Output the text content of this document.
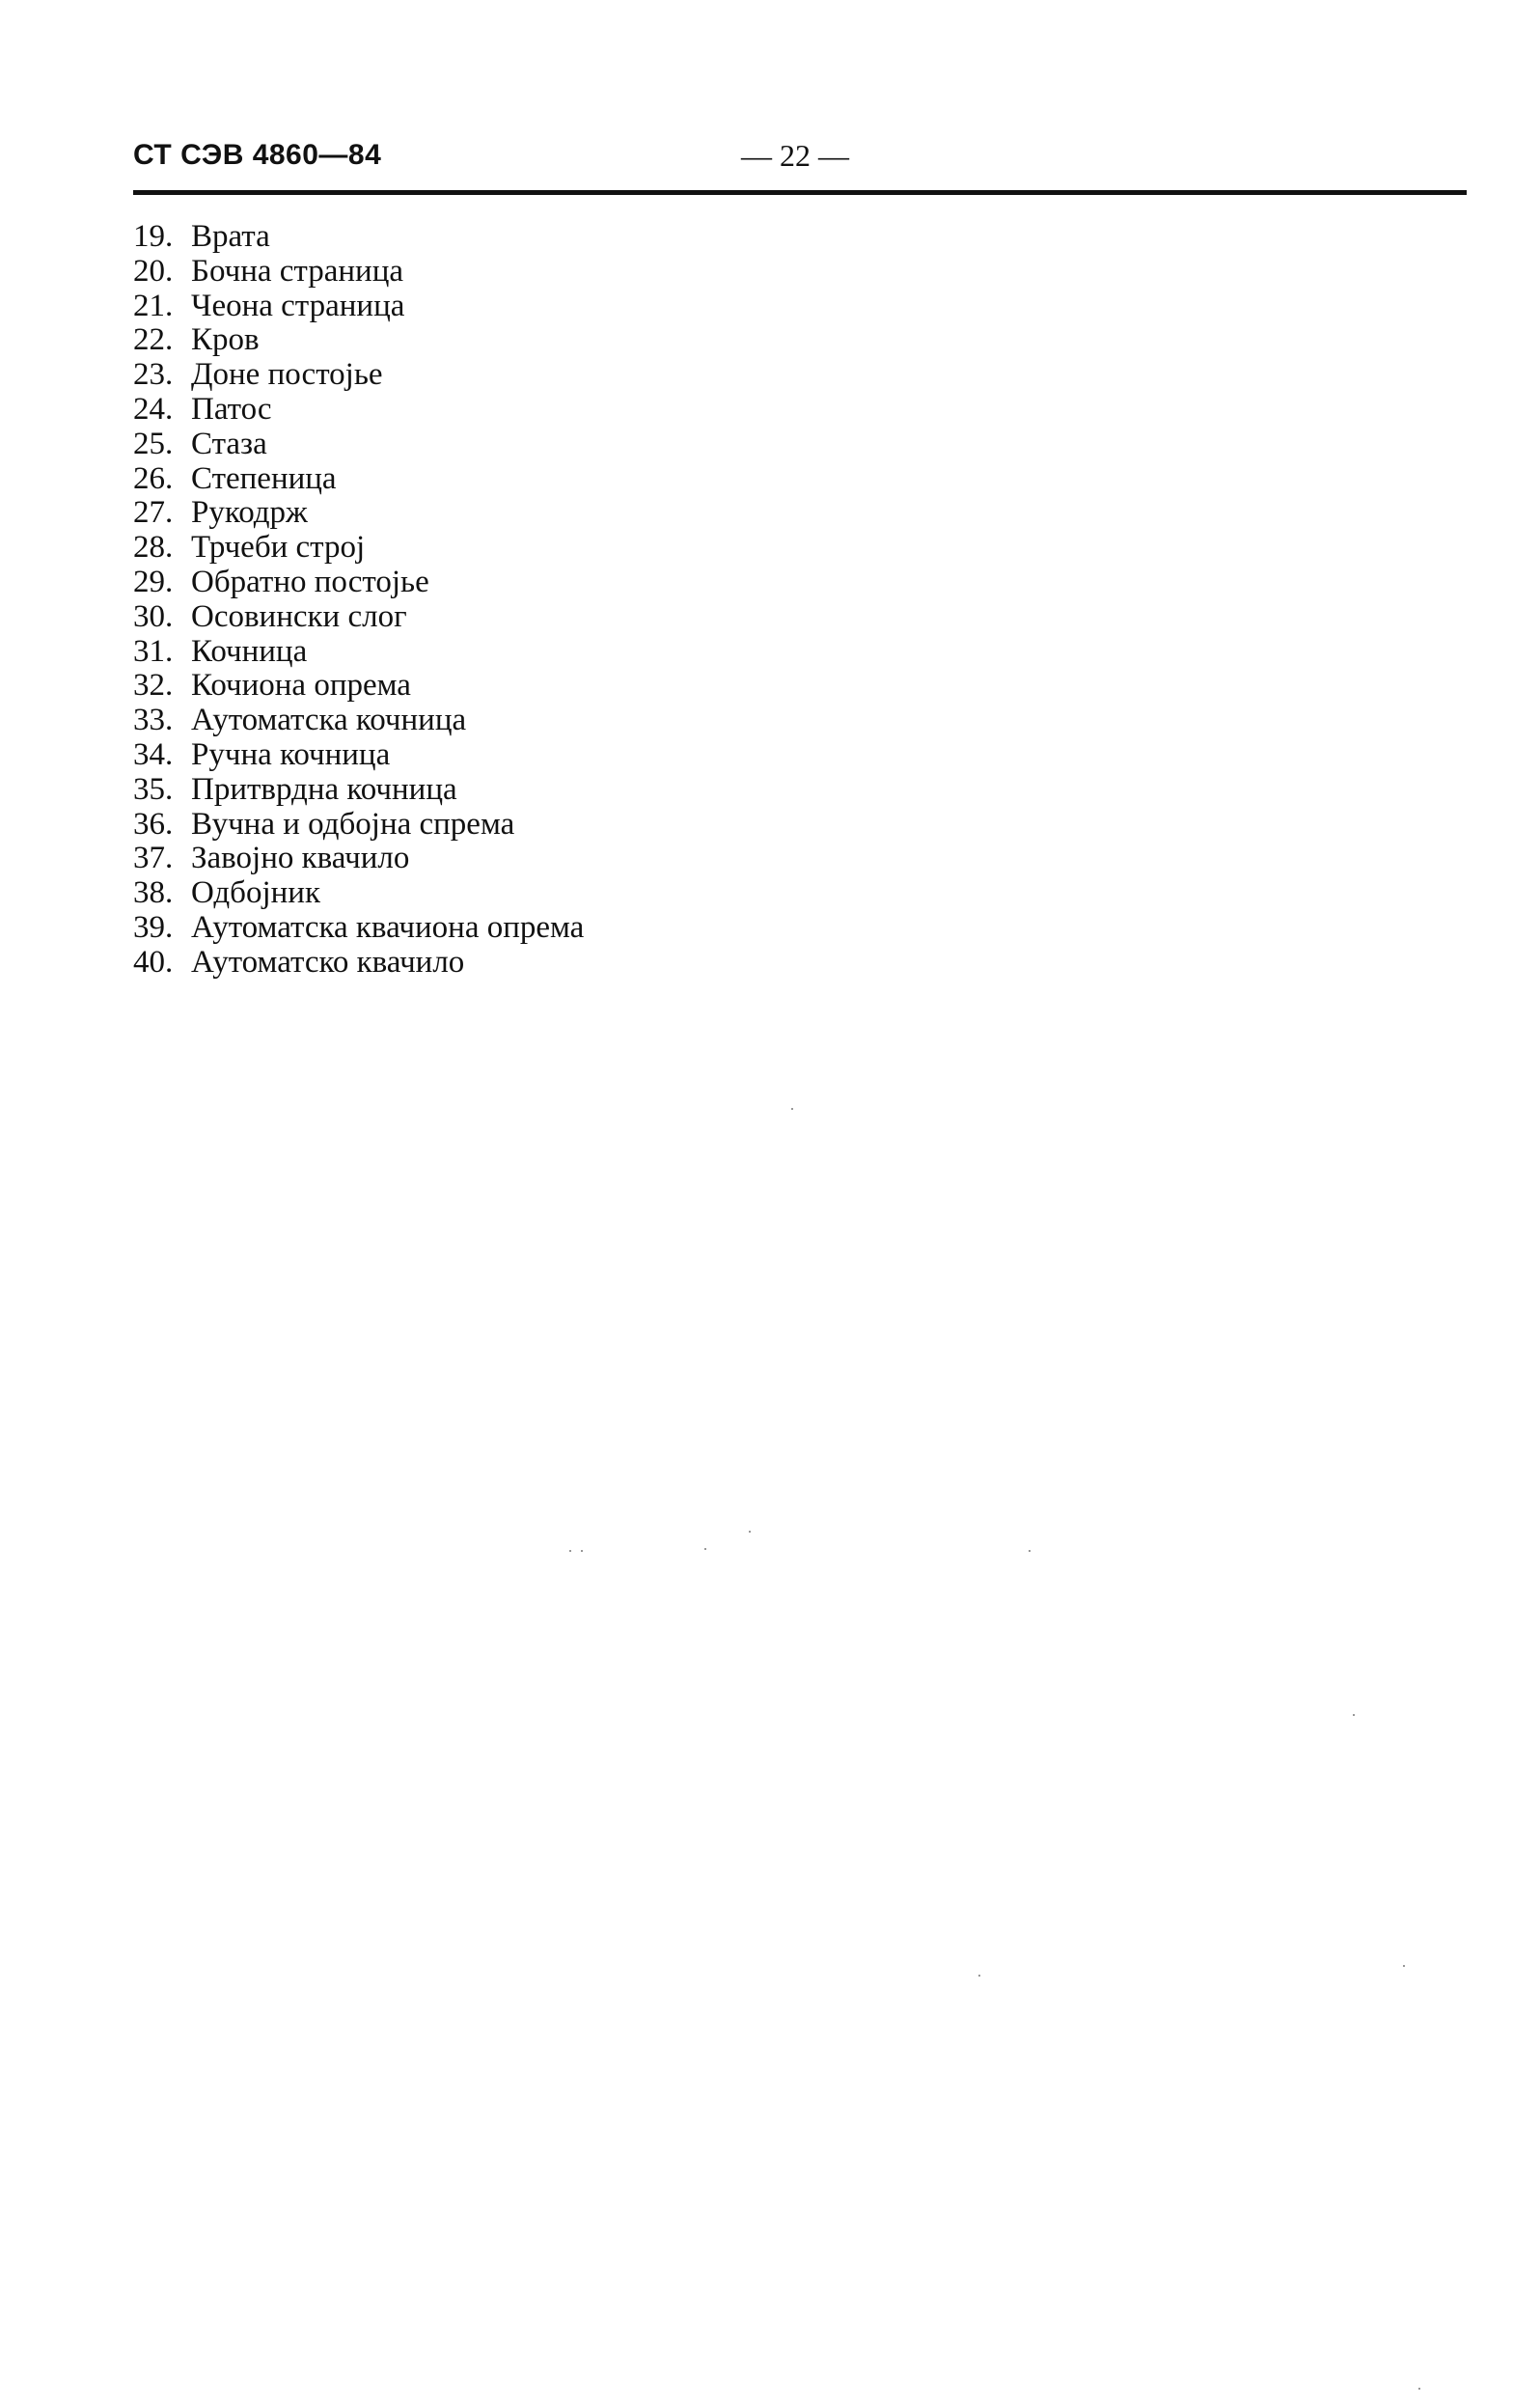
СТ СЭВ 4860—84	— 22 —
19. Врата
20. Бочна страница
21. Чеона страница
22. Кров
23. Доне постоjье
24. Патос
25. Стаза
26. Степеница
27. Рукодрж
28. Трчеби строj
29. Обратно постоjье
30. Осовински слог
31. Кочница
32. Кочиона опрема
33. Аутоматска кочница
34. Ручна кочница
35. Притврдна кочница
36. Вучна и одбоjна спрема
37. Завоjно квачило
38. Одбоjник
39. Аутоматска квачиона опрема
40. Аутоматско квачило
